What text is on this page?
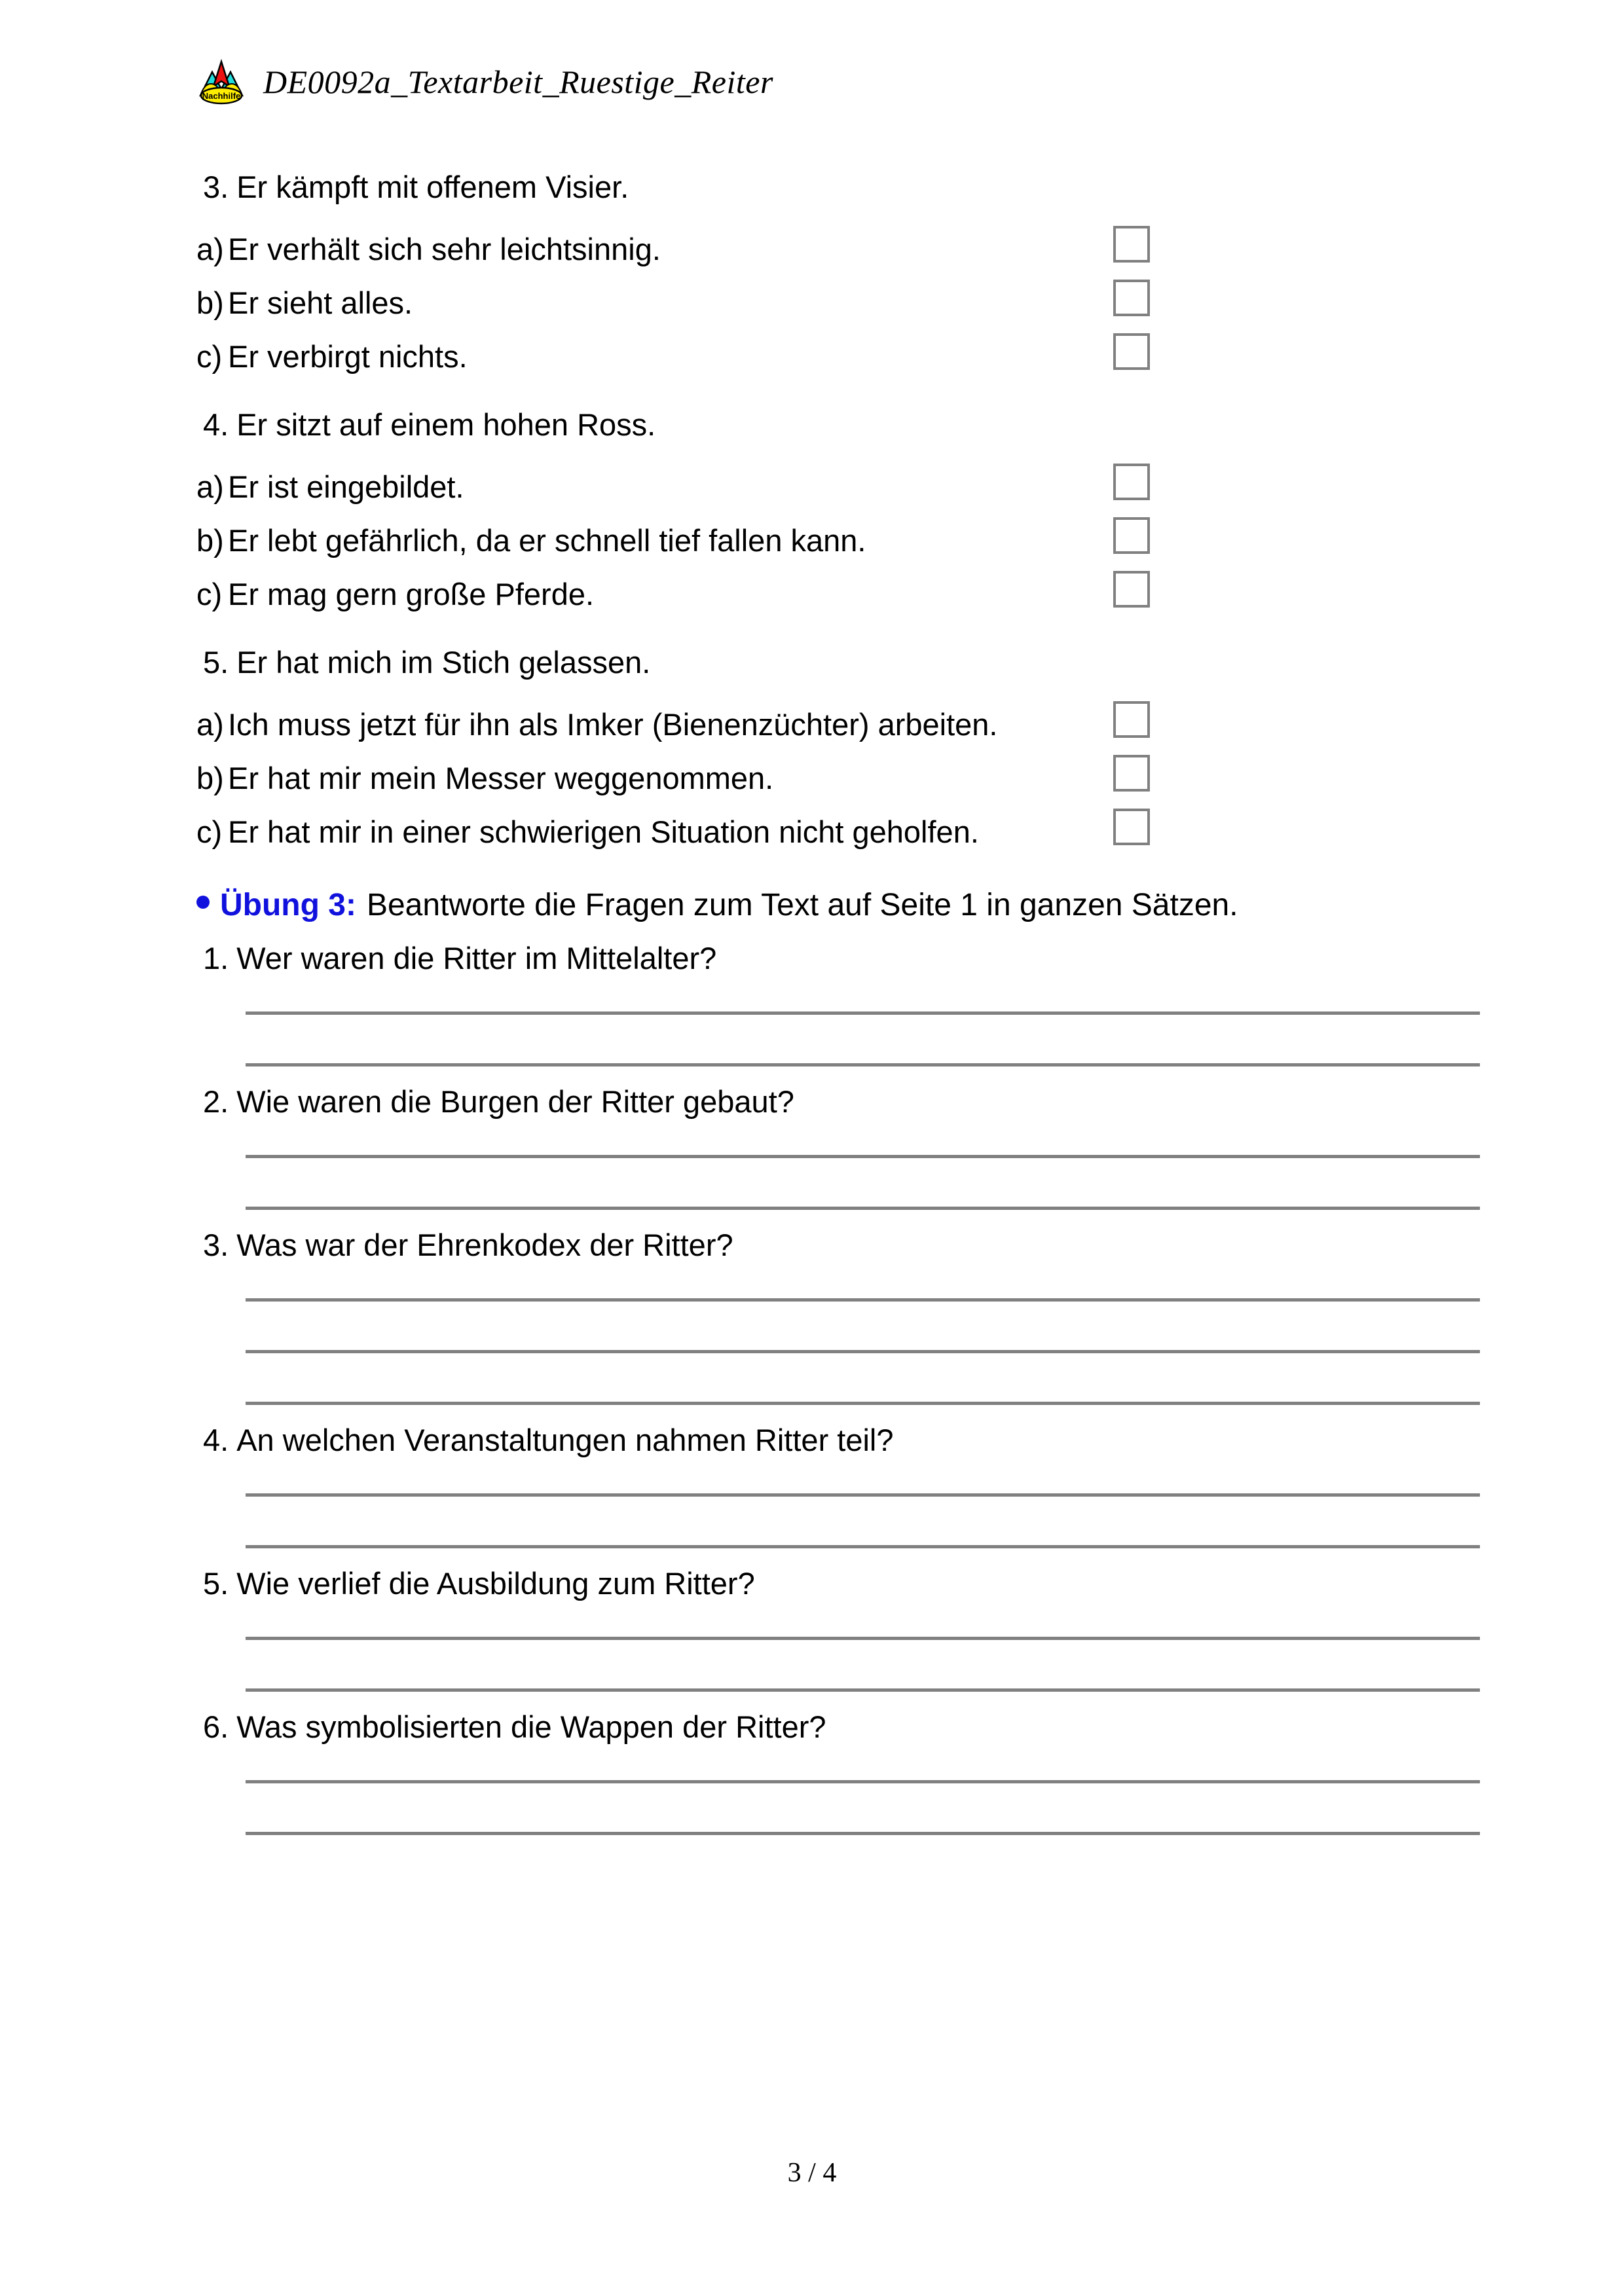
Nachhilfe DE0092a_Textarbeit_Ruestige_Reiter
3. Er kämpft mit offenem Visier.
a) Er verhält sich sehr leichtsinnig.
b) Er sieht alles.
c) Er verbirgt nichts.
4. Er sitzt auf einem hohen Ross.
a) Er ist eingebildet.
b) Er lebt gefährlich, da er schnell tief fallen kann.
c) Er mag gern große Pferde.
5. Er hat mich im Stich gelassen.
a) Ich muss jetzt für ihn als Imker (Bienenzüchter) arbeiten.
b) Er hat mir mein Messer weggenommen.
c) Er hat mir in einer schwierigen Situation nicht geholfen.
Übung 3: Beantworte die Fragen zum Text auf Seite 1 in ganzen Sätzen.
1. Wer waren die Ritter im Mittelalter?
2. Wie waren die Burgen der Ritter gebaut?
3. Was war der Ehrenkodex der Ritter?
4. An welchen Veranstaltungen nahmen Ritter teil?
5. Wie verlief die Ausbildung zum Ritter?
6. Was symbolisierten die Wappen der Ritter?
3 / 4
